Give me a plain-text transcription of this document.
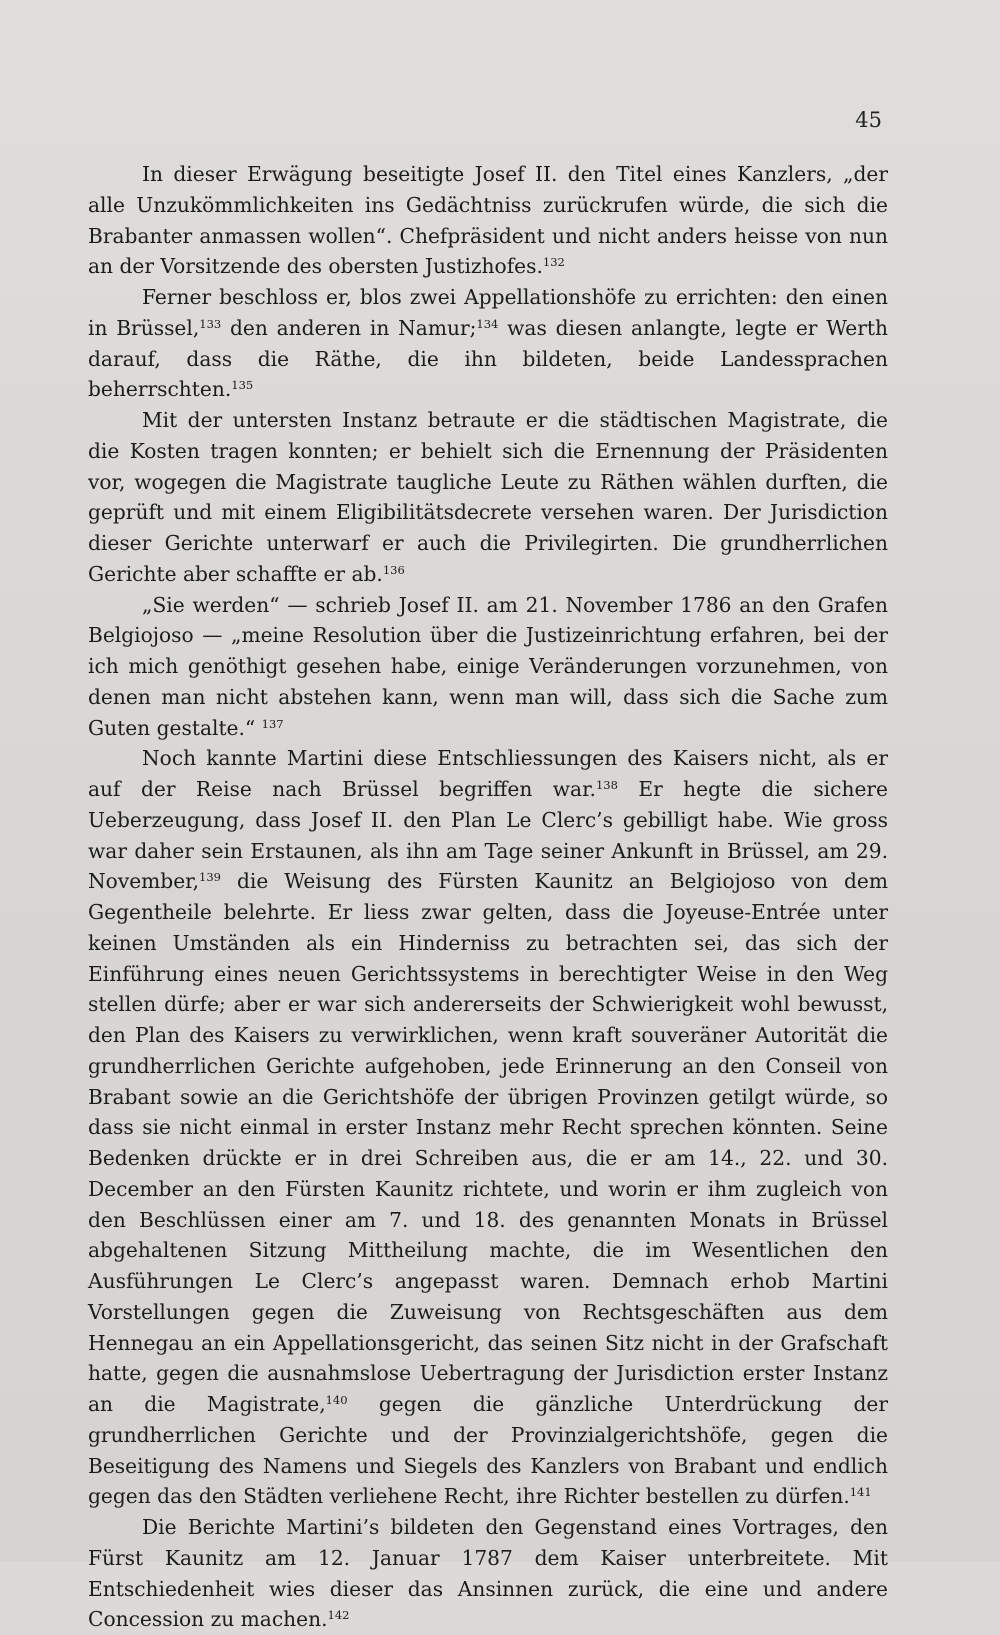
45

In dieser Erwägung beseitigte Josef II. den Titel eines Kanzlers, „der alle Unzukömmlichkeiten ins Gedächtniss zurückrufen würde, die sich die Brabanter anmassen wollen“. Chefpräsident und nicht anders heisse von nun an der Vorsitzende des obersten Justizhofes.$^{132}$

Ferner beschloss er, blos zwei Appellationshöfe zu errichten: den einen in Brüssel,$^{133}$ den anderen in Namur;$^{134}$ was diesen anlangte, legte er Werth darauf, dass die Räthe, die ihn bildeten, beide Landessprachen beherrschten.$^{135}$

Mit der untersten Instanz betraute er die städtischen Magistrate, die die Kosten tragen konnten; er behielt sich die Ernennung der Präsidenten vor, wogegen die Magistrate taugliche Leute zu Räthen wählen durften, die geprüft und mit einem Eligibilitätsdecrete versehen waren. Der Jurisdiction dieser Gerichte unterwarf er auch die Privilegirten. Die grundherrlichen Gerichte aber schaffte er ab.$^{136}$

„Sie werden“ — schrieb Josef II. am 21. November 1786 an den Grafen Belgiojoso — „meine Resolution über die Justizeinrichtung erfahren, bei der ich mich genöthigt gesehen habe, einige Veränderungen vorzunehmen, von denen man nicht abstehen kann, wenn man will, dass sich die Sache zum Guten gestalte.“ $^{137}$

Noch kannte Martini diese Entschliessungen des Kaisers nicht, als er auf der Reise nach Brüssel begriffen war.$^{138}$ Er hegte die sichere Ueberzeugung, dass Josef II. den Plan Le Clerc’s gebilligt habe. Wie gross war daher sein Erstaunen, als ihn am Tage seiner Ankunft in Brüssel, am 29. November,$^{139}$ die Weisung des Fürsten Kaunitz an Belgiojoso von dem Gegentheile belehrte. Er liess zwar gelten, dass die Joyeuse-Entrée unter keinen Umständen als ein Hinderniss zu betrachten sei, das sich der Einführung eines neuen Gerichtssystems in berechtigter Weise in den Weg stellen dürfe; aber er war sich andererseits der Schwierigkeit wohl bewusst, den Plan des Kaisers zu verwirklichen, wenn kraft souveräner Autorität die grundherrlichen Gerichte aufgehoben, jede Erinnerung an den Conseil von Brabant sowie an die Gerichtshöfe der übrigen Provinzen getilgt würde, so dass sie nicht einmal in erster Instanz mehr Recht sprechen könnten. Seine Bedenken drückte er in drei Schreiben aus, die er am 14., 22. und 30. December an den Fürsten Kaunitz richtete, und worin er ihm zugleich von den Beschlüssen einer am 7. und 18. des genannten Monats in Brüssel abgehaltenen Sitzung Mittheilung machte, die im Wesentlichen den Ausführungen Le Clerc’s angepasst waren. Demnach erhob Martini Vorstellungen gegen die Zuweisung von Rechtsgeschäften aus dem Hennegau an ein Appellationsgericht, das seinen Sitz nicht in der Grafschaft hatte, gegen die ausnahmslose Uebertragung der Jurisdiction erster Instanz an die Magistrate,$^{140}$ gegen die gänzliche Unterdrückung der grundherrlichen Gerichte und der Provinzialgerichtshöfe, gegen die Beseitigung des Namens und Siegels des Kanzlers von Brabant und endlich gegen das den Städten verliehene Recht, ihre Richter bestellen zu dürfen.$^{141}$

Die Berichte Martini’s bildeten den Gegenstand eines Vortrages, den Fürst Kaunitz am 12. Januar 1787 dem Kaiser unterbreitete. Mit Entschiedenheit wies dieser das Ansinnen zurück, die eine und andere Concession zu machen.$^{142}$
